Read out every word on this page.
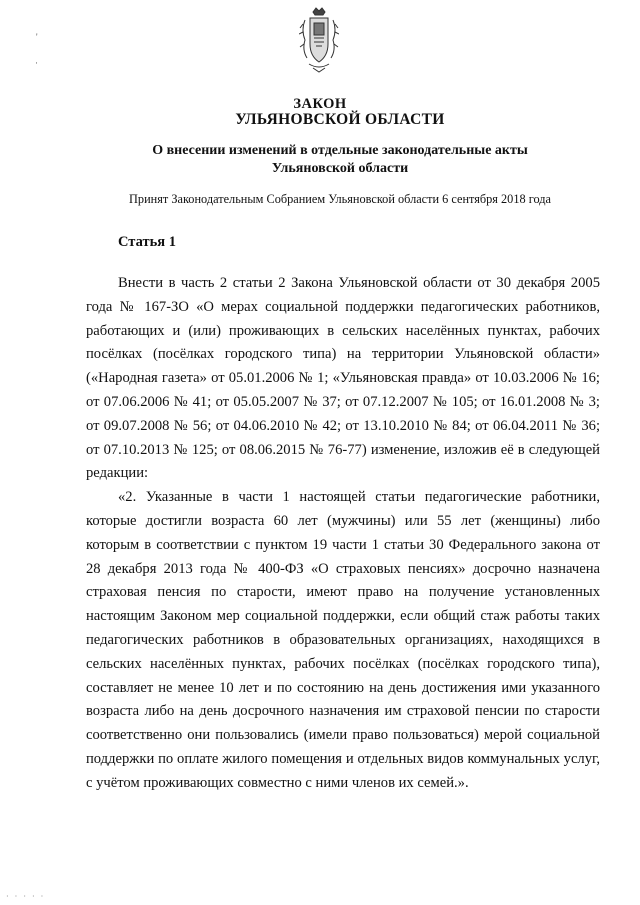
'
·
ЗАКОН
УЛЬЯНОВСКОЙ ОБЛАСТИ
О внесении изменений в отдельные законодательные акты
Ульяновской области

Принят Законодательным Собранием Ульяновской области 6 сентября 2018 года

Статья 1

Внести в часть 2 статьи 2 Закона Ульяновской области от 30 декабря 2005 года № 167-ЗО «О мерах социальной поддержки педагогических работников, работающих и (или) проживающих в сельских населённых пунктах, рабочих посёлках (посёлках городского типа) на территории Ульяновской области» («Народная газета» от 05.01.2006 № 1; «Ульяновская правда» от 10.03.2006 № 16; от 07.06.2006 № 41; от 05.05.2007 № 37; от 07.12.2007 № 105; от 16.01.2008 № 3; от 09.07.2008 № 56; от 04.06.2010 № 42; от 13.10.2010 № 84; от 06.04.2011 № 36; от 07.10.2013 № 125; от 08.06.2015 № 76-77) изменение, изложив её в следующей редакции:

«2. Указанные в части 1 настоящей статьи педагогические работники, которые достигли возраста 60 лет (мужчины) или 55 лет (женщины) либо которым в соответствии с пунктом 19 части 1 статьи 30 Федерального закона от 28 декабря 2013 года № 400-ФЗ «О страховых пенсиях» досрочно назначена страховая пенсия по старости, имеют право на получение установленных настоящим Законом мер социальной поддержки, если общий стаж работы таких педагогических работников в образовательных организациях, находящихся в сельских населённых пунктах, рабочих посёлках (посёлках городского типа), составляет не менее 10 лет и по состоянию на день достижения ими указанного возраста либо на день досрочного назначения им страховой пенсии по старости соответственно они пользовались (имели право пользоваться) мерой социальной поддержки по оплате жилого помещения и отдельных видов коммунальных услуг, с учётом проживающих совместно с ними членов их семей.».

· · · · ·
